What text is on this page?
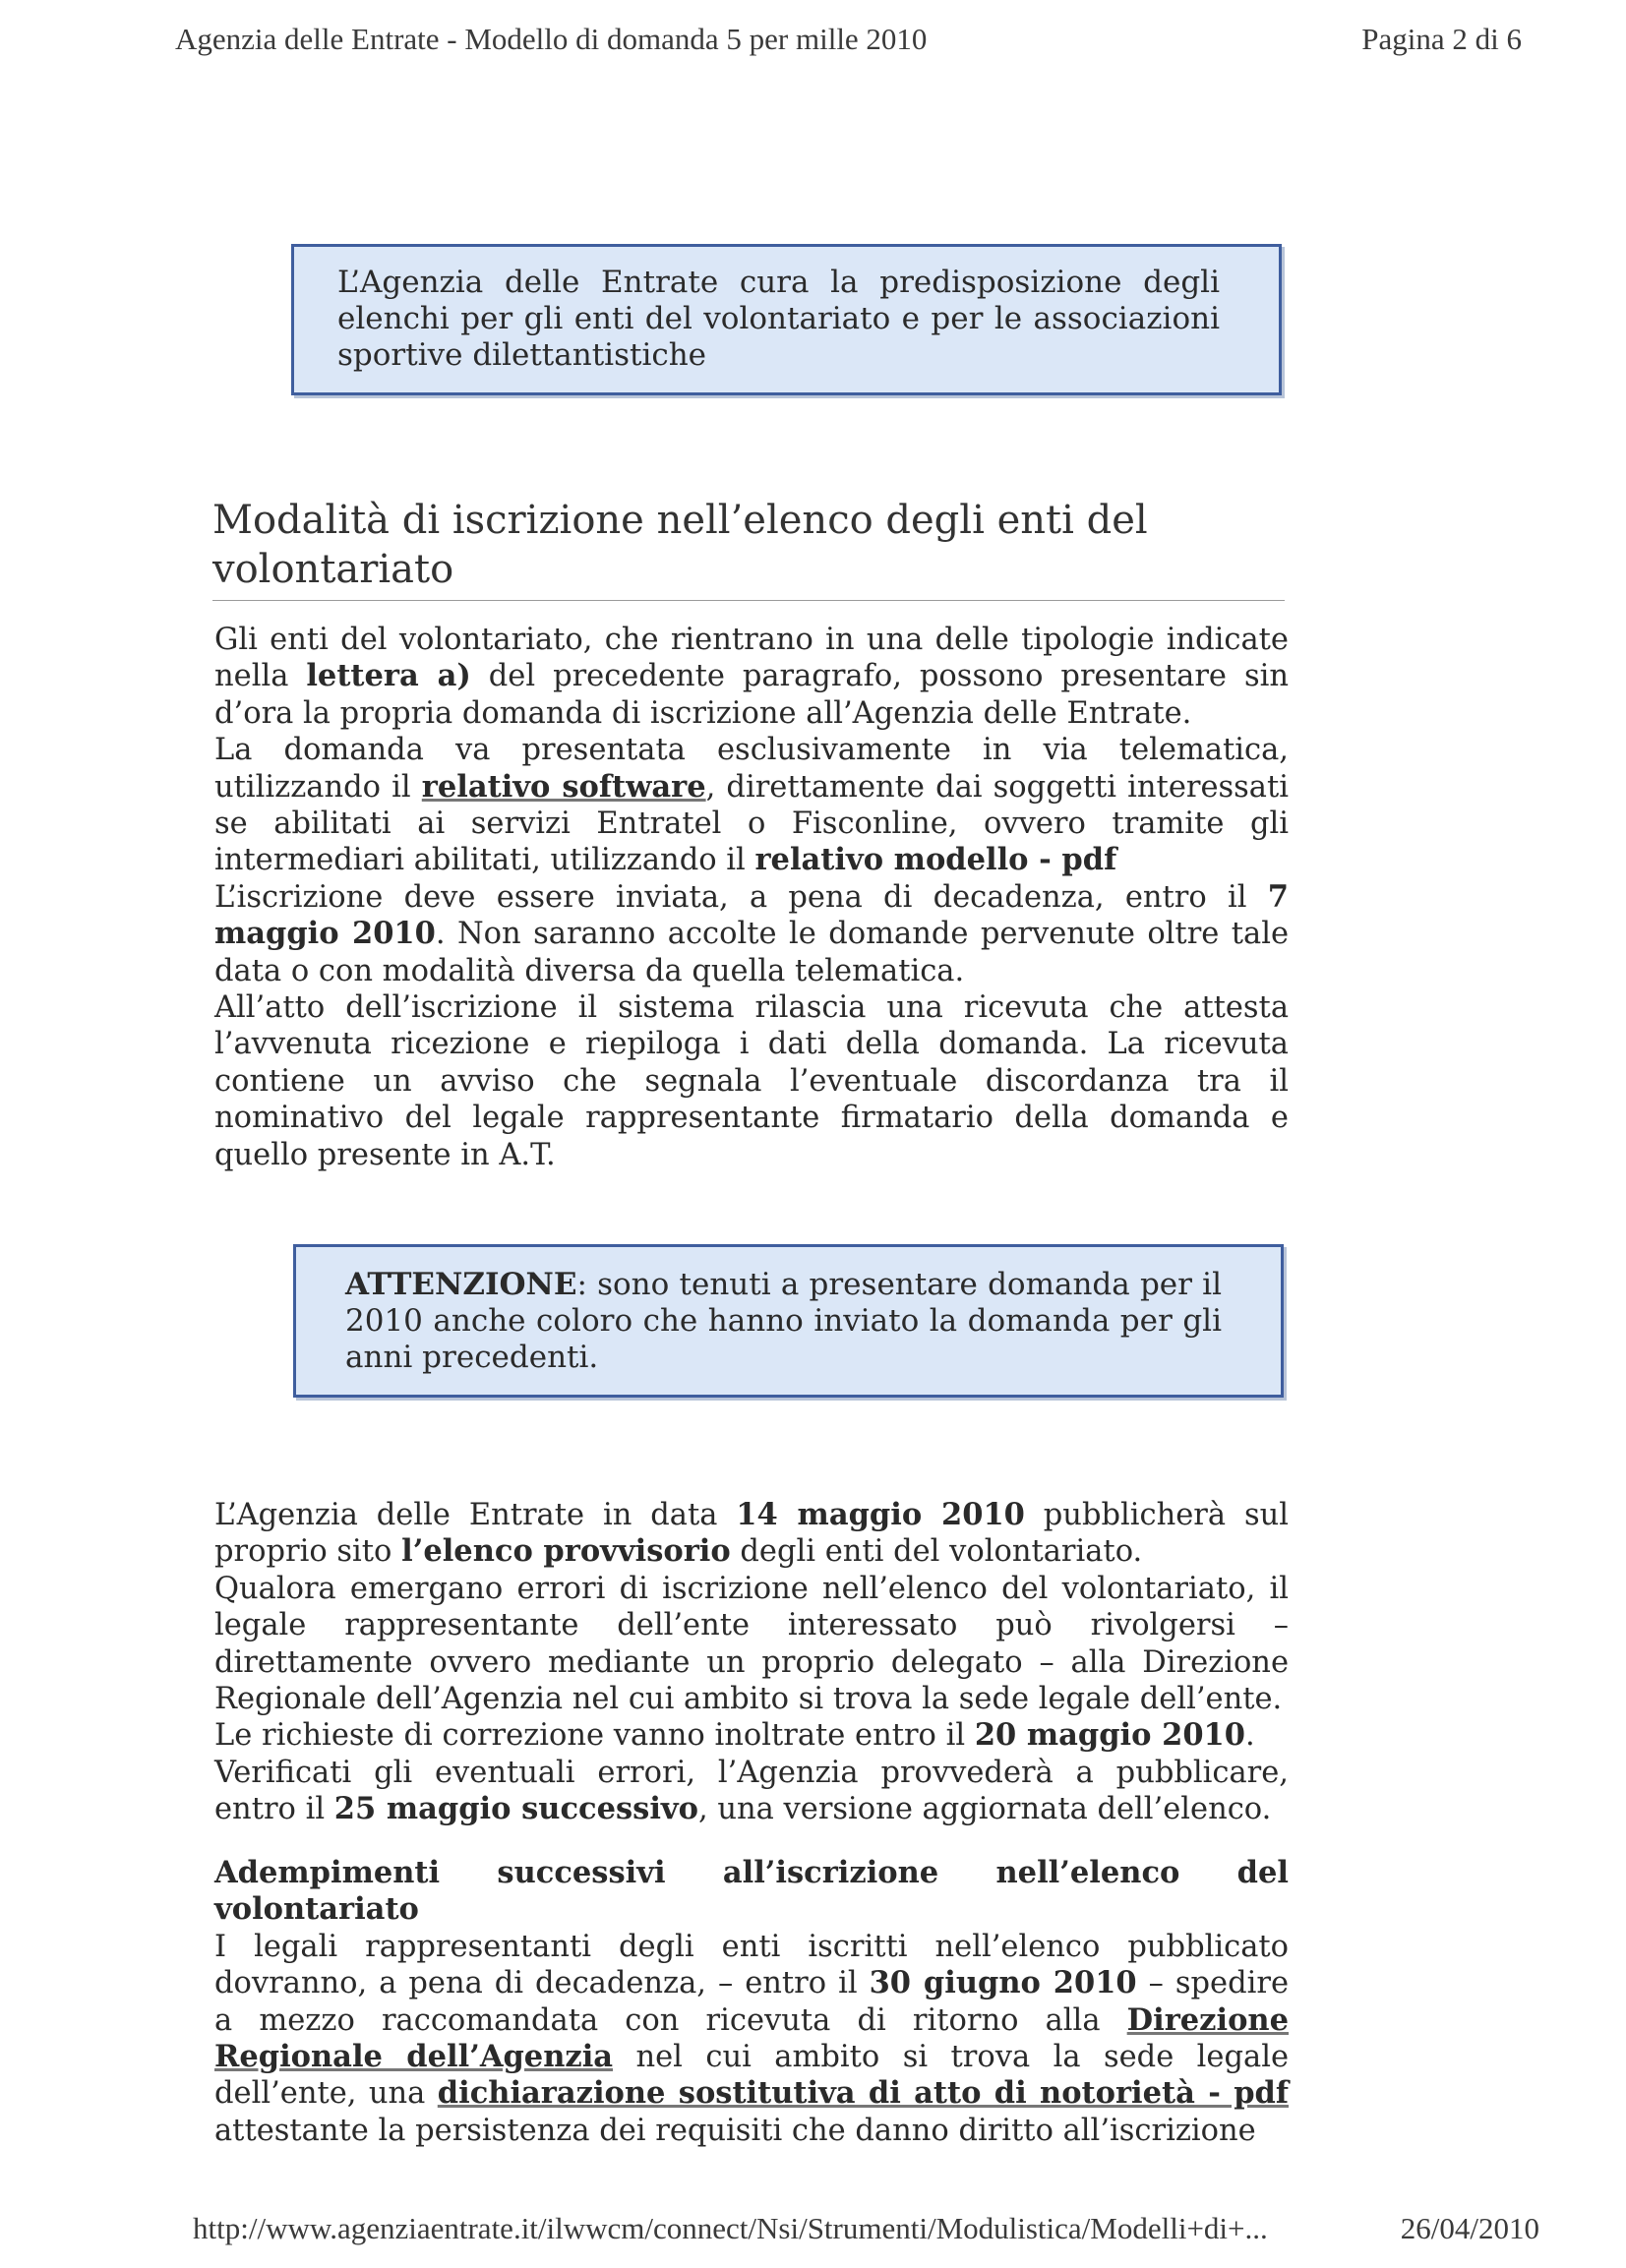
Agenzia delle Entrate - Modello di domanda 5 per mille 2010	Pagina 2 di 6
L’Agenzia delle Entrate cura la predisposizione degli elenchi per gli enti del volontariato e per le associazioni sportive dilettantistiche
Modalità di iscrizione nell’elenco degli enti del volontariato

Gli enti del volontariato, che rientrano in una delle tipologie indicate nella lettera a) del precedente paragrafo, possono presentare sin d’ora la propria domanda di iscrizione all’Agenzia delle Entrate.

La domanda va presentata esclusivamente in via telematica, utilizzando il relativo software, direttamente dai soggetti interessati se abilitati ai servizi Entratel o Fisconline, ovvero tramite gli intermediari abilitati, utilizzando il relativo modello - pdf

L’iscrizione deve essere inviata, a pena di decadenza, entro il 7 maggio 2010. Non saranno accolte le domande pervenute oltre tale data o con modalità diversa da quella telematica.

All’atto dell’iscrizione il sistema rilascia una ricevuta che attesta l’avvenuta ricezione e riepiloga i dati della domanda. La ricevuta contiene un avviso che segnala l’eventuale discordanza tra il nominativo del legale rappresentante firmatario della domanda e quello presente in A.T.

ATTENZIONE: sono tenuti a presentare domanda per il 2010 anche coloro che hanno inviato la domanda per gli anni precedenti.

L’Agenzia delle Entrate in data 14 maggio 2010 pubblicherà sul proprio sito l’elenco provvisorio degli enti del volontariato.

Qualora emergano errori di iscrizione nell’elenco del volontariato, il legale rappresentante dell’ente interessato può rivolgersi – direttamente ovvero mediante un proprio delegato – alla Direzione Regionale dell’Agenzia nel cui ambito si trova la sede legale dell’ente.

Le richieste di correzione vanno inoltrate entro il 20 maggio 2010.

Verificati gli eventuali errori, l’Agenzia provvederà a pubblicare, entro il 25 maggio successivo, una versione aggiornata dell’elenco.

Adempimenti successivi all’iscrizione nell’elenco del

volontariato

I legali rappresentanti degli enti iscritti nell’elenco pubblicato dovranno, a pena di decadenza, – entro il 30 giugno 2010 – spedire a mezzo raccomandata con ricevuta di ritorno alla Direzione Regionale dell’Agenzia nel cui ambito si trova la sede legale dell’ente, una dichiarazione sostitutiva di atto di notorietà - pdf attestante la persistenza dei requisiti che danno diritto all’iscrizione

http://www.agenziaentrate.it/ilwwcm/connect/Nsi/Strumenti/Modulistica/Modelli+di+...	26/04/2010
